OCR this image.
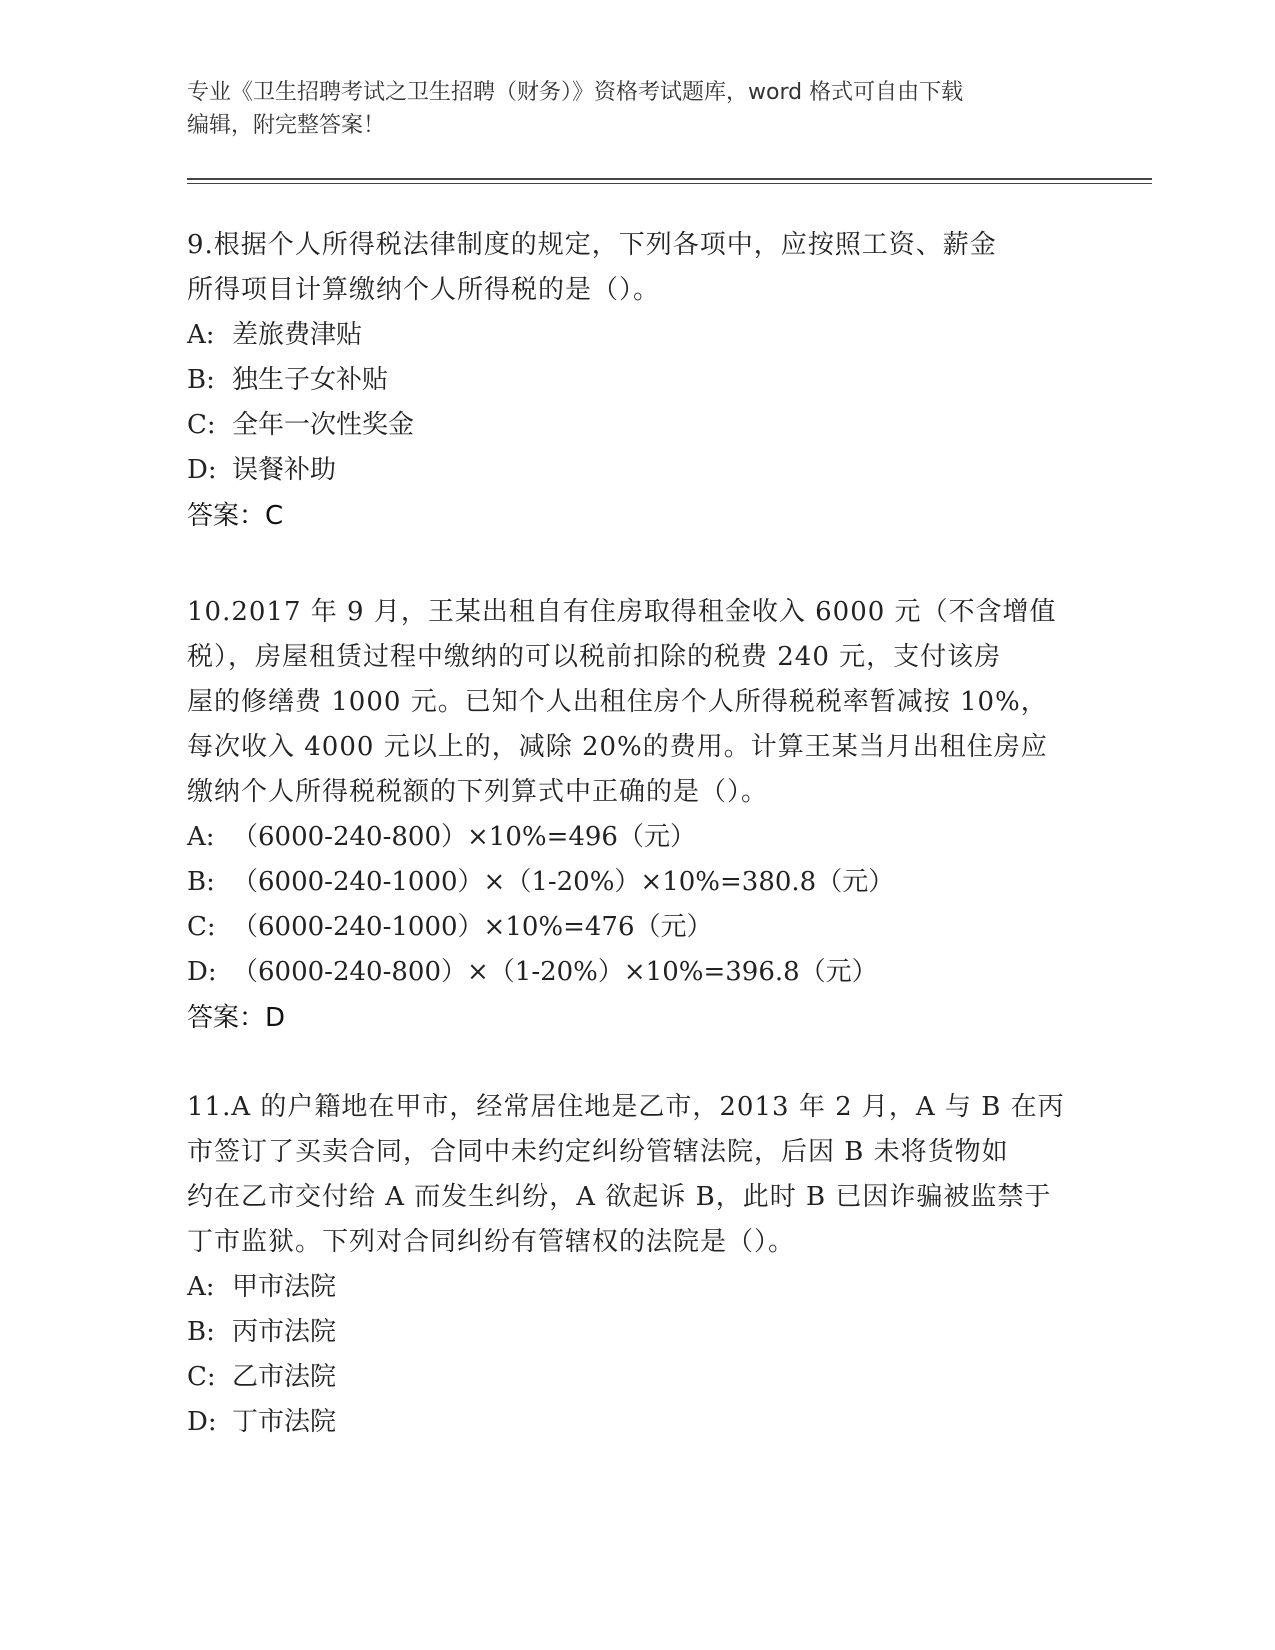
专业《卫生招聘考试之卫生招聘（财务）》资格考试题库，word 格式可自由下载
编辑，附完整答案！
9.根据个人所得税法律制度的规定，下列各项中，应按照工资、薪金
所得项目计算缴纳个人所得税的是（）。
A: 差旅费津贴
B: 独生子女补贴
C: 全年一次性奖金
D: 误餐补助
答案：C
10.2017 年 9 月，王某出租自有住房取得租金收入 6000 元（不含增值
税），房屋租赁过程中缴纳的可以税前扣除的税费 240 元，支付该房
屋的修缮费 1000 元。已知个人出租住房个人所得税税率暂减按 10%，
每次收入 4000 元以上的，减除 20%的费用。计算王某当月出租住房应
缴纳个人所得税税额的下列算式中正确的是（）。
A: （6000-240-800）×10%=496（元）
B: （6000-240-1000）×（1-20%）×10%=380.8（元）
C: （6000-240-1000）×10%=476（元）
D: （6000-240-800）×（1-20%）×10%=396.8（元）
答案：D
11.A 的户籍地在甲市，经常居住地是乙市，2013 年 2 月，A 与 B 在丙
市签订了买卖合同，合同中未约定纠纷管辖法院，后因 B 未将货物如
约在乙市交付给 A 而发生纠纷，A 欲起诉 B，此时 B 已因诈骗被监禁于
丁市监狱。下列对合同纠纷有管辖权的法院是（）。
A: 甲市法院
B: 丙市法院
C: 乙市法院
D: 丁市法院
